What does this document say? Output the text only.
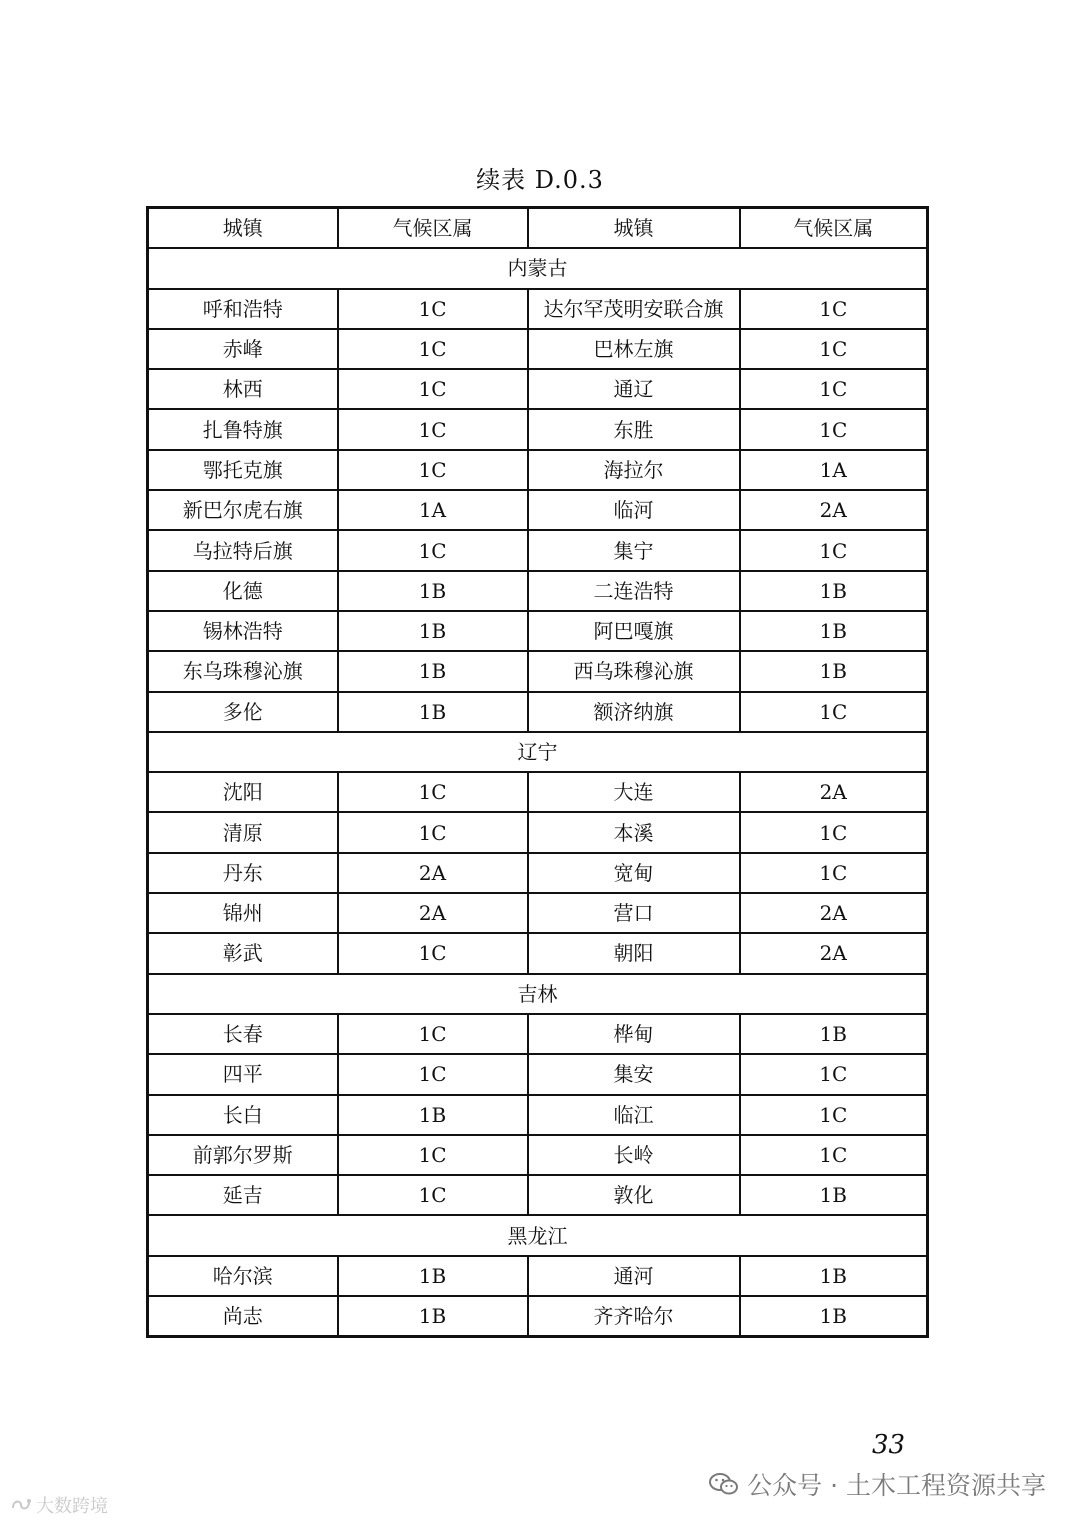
续表 D.0.3
城镇	气候区属	城镇	气候区属
内蒙古			
呼和浩特	1C	达尔罕茂明安联合旗	1C
赤峰	1C	巴林左旗	1C
林西	1C	通辽	1C
扎鲁特旗	1C	东胜	1C
鄂托克旗	1C	海拉尔	1A
新巴尔虎右旗	1A	临河	2A
乌拉特后旗	1C	集宁	1C
化德	1B	二连浩特	1B
锡林浩特	1B	阿巴嘎旗	1B
东乌珠穆沁旗	1B	西乌珠穆沁旗	1B
多伦	1B	额济纳旗	1C
辽宁			
沈阳	1C	大连	2A
清原	1C	本溪	1C
丹东	2A	宽甸	1C
锦州	2A	营口	2A
彰武	1C	朝阳	2A
吉林			
长春	1C	桦甸	1B
四平	1C	集安	1C
长白	1B	临江	1C
前郭尔罗斯	1C	长岭	1C
延吉	1C	敦化	1B
黑龙江			
哈尔滨	1B	通河	1B
尚志	1B	齐齐哈尔	1B
33
大数跨境
公众号 · 土木工程资源共享
